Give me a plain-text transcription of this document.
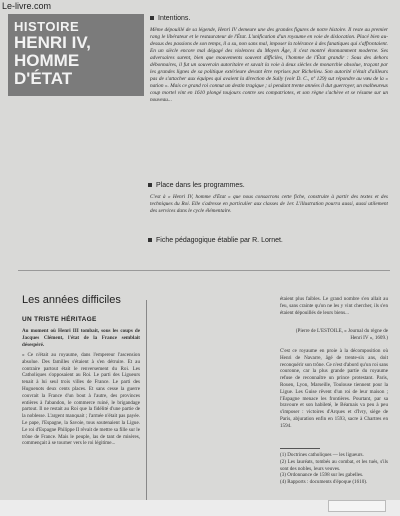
Le-livre.com
HISTOIRE
HENRI IV,
HOMME
D'ÉTAT
Intentions.
Même dépouillé de sa légende, Henri IV demeure une des grandes figures de notre histoire. Il reste au premier rang le libérateur et le restaurateur de l'État. L'unification d'un royaume en voie de dislocation. Placé bien au-dessus des passions de son temps, il a su, non sans mal, imposer la tolérance à des fanatiques qui s'affrontaient. En un siècle encore mal dégagé des violences du Moyen Âge, il s'est montré étonnamment moderne. Ses adversaires surent, bien que mouvements souvent difficiles, l'homme de l'État grandir : Sous des dehors débonnaires, il fut un souverain autoritaire et savait la voie à deux siècles de monarchie absolue, traçant par les grandes lignes de sa politique extérieure devant être reprises par Richelieu. Son autorité n'était d'ailleurs pas de s'attacher aux équipes qui avaient la direction de Sully (voir D. C., nº 129) sut répondre au vœu de la « nation ». Mais ce grand roi connut un destin tragique ; si pendant trente années il dut guerroyer, un malheureux coup mortel vint en 1610 plongé toujours contre ses compatriotes, et son règne s'achève et se résume sur un nouveau...
Place dans les programmes.
C'est à « Henri IV, homme d'État » que nous consacrons cette fiche, construite à partir des textes et des techniques du Roi. Elle s'adresse en particulier aux classes de 1er. L'illustration pourra aussi, aussi utilement des services dans le cycle élémentaire.
Fiche pédagogique établie par R. Lornet.
Les années difficiles
UN TRISTE HÉRITAGE
Au moment où Henri III tombait, sous les coups de Jacques Clément, l'état de la France semblait désespéré.
« Ce n'était au royaume, dans l'empereur l'ascension absolue. Des familles s'étaient à s'en détruire. Et au contraire partout était le renversement du Roi. Les Catholiques s'opposaient au Roi. Le parti des Ligueurs tenait à lui seul trois villes de France. Le parti des Huguenots deux cents places. Et sans cesse la guerre couvrait la France d'un bout à l'autre, des provinces entières à l'abandon, le commerce ruiné, le brigandage partout. Il ne restait au Roi que la fidélité d'une partie de la noblesse. L'argent manquait ; l'armée n'était pas payée. Le pape, l'Espagne, la Savoie, tous soutenaient la Ligue. Le roi d'Espagne Philippe II rêvait de mettre sa fille sur le trône de France. Mais le peuple, las de tant de misères, commençait à se tourner vers le roi légitime...
étaient plus faibles. Le grand nombre s'en allait au feu, sans crainte qu'on ne les y vint chercher, ils s'en étaient dépouillés de leurs biens...
(Pierre de L'ESTOILE, « Journal du règne de Henri IV », 1609.)
C'est ce royaume en proie à la décomposition où Henri de Navarre, âgé de trente-six ans, doit reconquérir son trône. Ce n'est d'abord qu'un roi sans couronne, car la plus grande partie du royaume refuse de reconnaître un prince protestant. Paris, Rouen, Lyon, Marseille, Toulouse tiennent pour la Ligue. Les Guise rêvent d'un roi de leur maison ; l'Espagne menace les frontières. Pourtant, par sa bravoure et son habileté, le Béarnais va peu à peu s'imposer : victoires d'Arques et d'Ivry, siège de Paris, abjuration enfin en 1593, sacre à Chartres en 1594.
(1) Doctrines catholiques — les ligueurs.
(2) Les lauréats, tombés au combat, et les tués, s'ils sont des nobles, leurs veuves.
(3) Ordonnance de 1598 sur les gabelles.
(4) Rapports : documents d'époque (1610).
